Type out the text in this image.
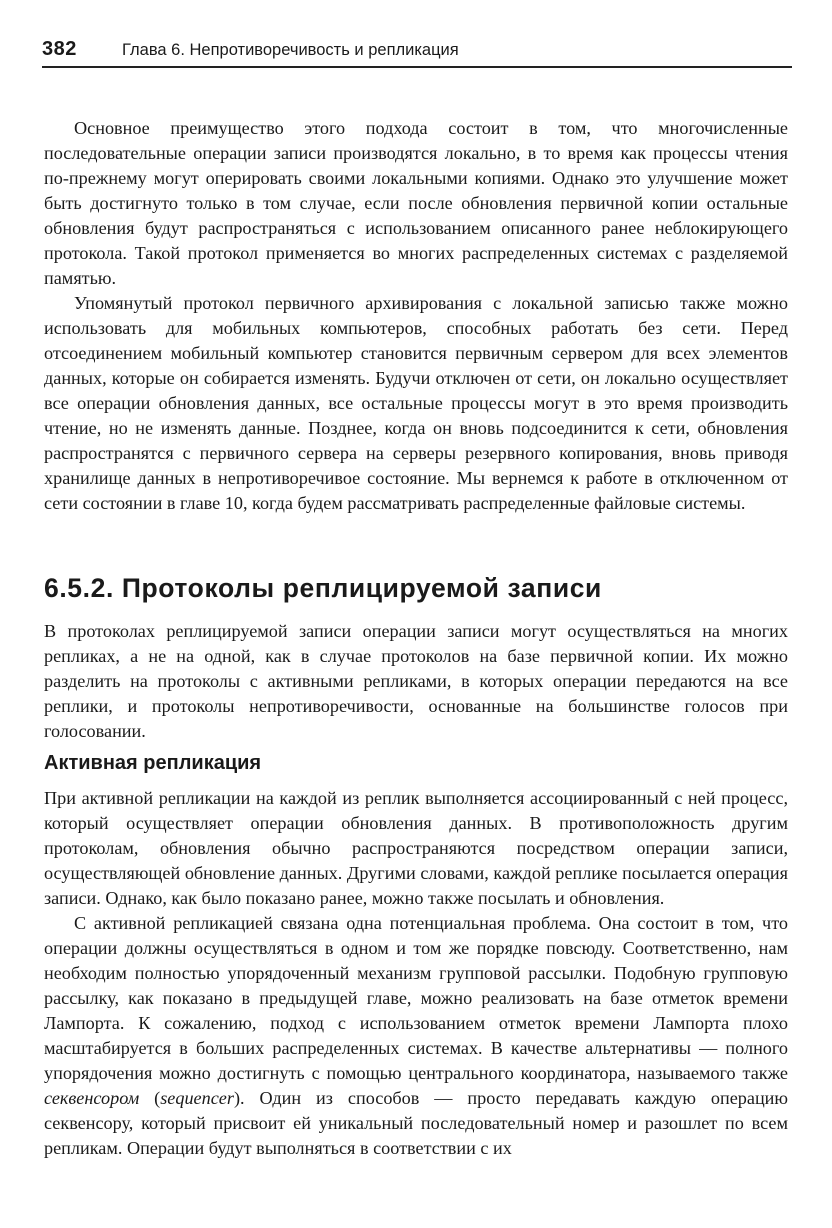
382	Глава 6. Непротиворечивость и репликация

Основное преимущество этого подхода состоит в том, что многочисленные последовательные операции записи производятся локально, в то время как процессы чтения по-прежнему могут оперировать своими локальными копиями. Однако это улучшение может быть достигнуто только в том случае, если после обновления первичной копии остальные обновления будут распространяться с использованием описанного ранее неблокирующего протокола. Такой протокол применяется во многих распределенных системах с разделяемой памятью.

Упомянутый протокол первичного архивирования с локальной записью также можно использовать для мобильных компьютеров, способных работать без сети. Перед отсоединением мобильный компьютер становится первичным сервером для всех элементов данных, которые он собирается изменять. Будучи отключен от сети, он локально осуществляет все операции обновления данных, все остальные процессы могут в это время производить чтение, но не изменять данные. Позднее, когда он вновь подсоединится к сети, обновления распространятся с первичного сервера на серверы резервного копирования, вновь приводя хранилище данных в непротиворечивое состояние. Мы вернемся к работе в отключенном от сети состоянии в главе 10, когда будем рассматривать распределенные файловые системы.

6.5.2. Протоколы реплицируемой записи

В протоколах реплицируемой записи операции записи могут осуществляться на многих репликах, а не на одной, как в случае протоколов на базе первичной копии. Их можно разделить на протоколы с активными репликами, в которых операции передаются на все реплики, и протоколы непротиворечивости, основанные на большинстве голосов при голосовании.

Активная репликация

При активной репликации на каждой из реплик выполняется ассоциированный с ней процесс, который осуществляет операции обновления данных. В противоположность другим протоколам, обновления обычно распространяются посредством операции записи, осуществляющей обновление данных. Другими словами, каждой реплике посылается операция записи. Однако, как было показано ранее, можно также посылать и обновления.

С активной репликацией связана одна потенциальная проблема. Она состоит в том, что операции должны осуществляться в одном и том же порядке повсюду. Соответственно, нам необходим полностью упорядоченный механизм групповой рассылки. Подобную групповую рассылку, как показано в предыдущей главе, можно реализовать на базе отметок времени Лампорта. К сожалению, подход с использованием отметок времени Лампорта плохо масштабируется в больших распределенных системах. В качестве альтернативы — полного упорядочения можно достигнуть с помощью центрального координатора, называемого также секвенсором (sequencer). Один из способов — просто передавать каждую операцию секвенсору, который присвоит ей уникальный последовательный номер и разошлет по всем репликам. Операции будут выполняться в соответствии с их
